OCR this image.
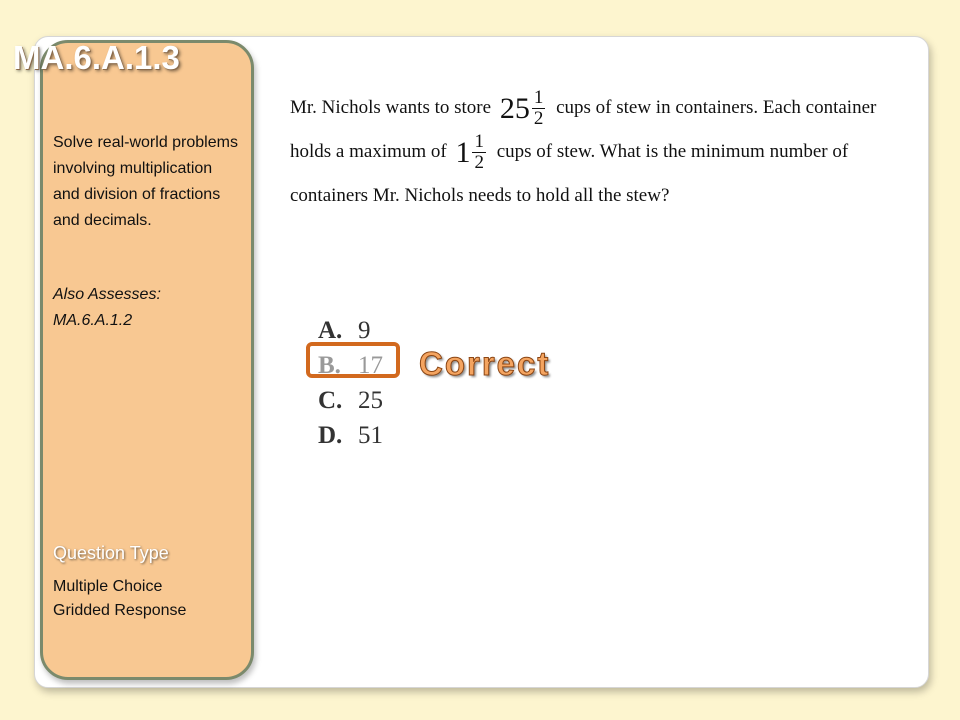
MA.6.A.1.3
Solve real-world problems involving multiplication and division of fractions and decimals.
Also Assesses: MA.6.A.1.2
Question Type
Multiple Choice
Gridded Response
Mr. Nichols wants to store $25 \frac{1}{2}$ cups of stew in containers. Each container holds a maximum of $1 \frac{1}{2}$ cups of stew. What is the minimum number of containers Mr. Nichols needs to hold all the stew?
A. 9
B. 17
C. 25
D. 51
Correct
